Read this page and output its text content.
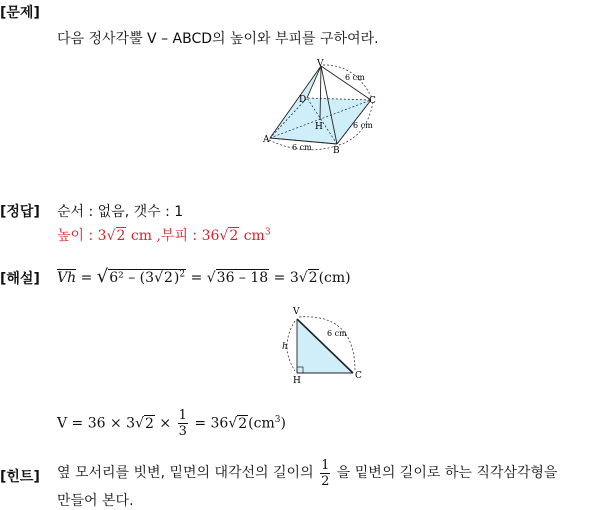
[문제]
다음 정사각뿔 V – ABCD의 높이와 부피를 구하여라.
V
A
B
C
D
H
6 cm
6 cm
6 cm
[정답] 순서 : 없음, 갯수 : 1
높이 : 3√2 cm ,부피 : 36√2 $cm^3$
[해설] $\overline{Vh} = √6^2 - (3√2)^2 = √36 - 18 = 3√2(cm)$
V
H	C
h
6 cm
$V = 36 \times 3√2 \times \frac{1}{3} = 36√2(cm^3)$
[힌트] 옆 모서리를 빗변, 밑면의 대각선의 길이의 $\frac{1}{2}$ 을 밑변의 길이로 하는 직각삼각형을
만들어 본다.
